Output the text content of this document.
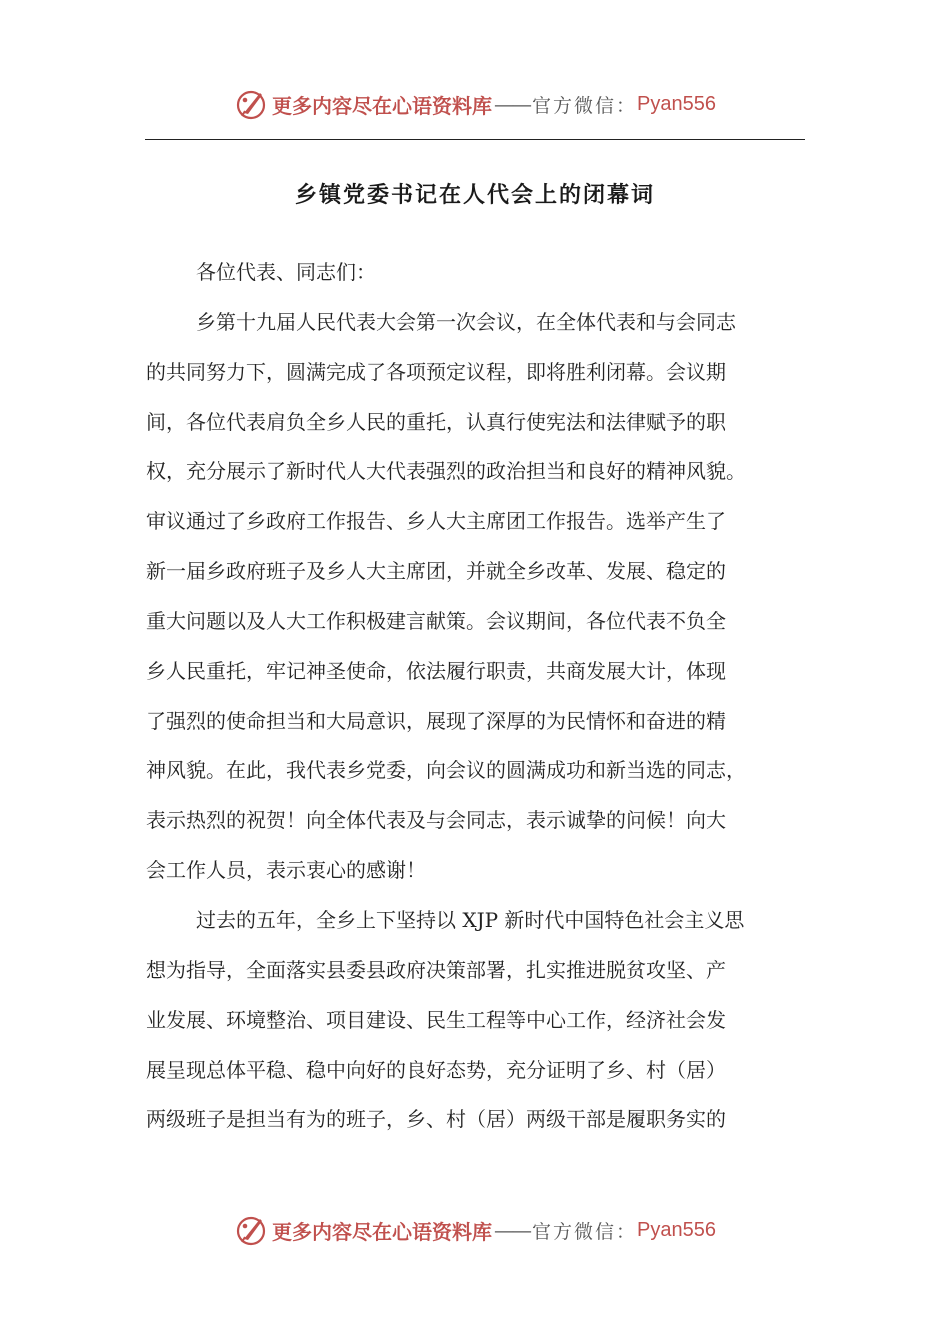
更多内容尽在心语资料库 —— 官方微信： Pyan556
乡镇党委书记在人代会上的闭幕词
各位代表、同志们：
乡第十九届人民代表大会第一次会议，在全体代表和与会同志
的共同努力下，圆满完成了各项预定议程，即将胜利闭幕。会议期
间，各位代表肩负全乡人民的重托，认真行使宪法和法律赋予的职
权，充分展示了新时代人大代表强烈的政治担当和良好的精神风貌。
审议通过了乡政府工作报告、乡人大主席团工作报告。选举产生了
新一届乡政府班子及乡人大主席团，并就全乡改革、发展、稳定的
重大问题以及人大工作积极建言献策。会议期间，各位代表不负全
乡人民重托，牢记神圣使命，依法履行职责，共商发展大计，体现
了强烈的使命担当和大局意识，展现了深厚的为民情怀和奋进的精
神风貌。在此，我代表乡党委，向会议的圆满成功和新当选的同志，
表示热烈的祝贺！向全体代表及与会同志，表示诚挚的问候！向大
会工作人员，表示衷心的感谢！
过去的五年，全乡上下坚持以 XJP 新时代中国特色社会主义思
想为指导，全面落实县委县政府决策部署，扎实推进脱贫攻坚、产
业发展、环境整治、项目建设、民生工程等中心工作，经济社会发
展呈现总体平稳、稳中向好的良好态势，充分证明了乡、村（居）
两级班子是担当有为的班子，乡、村（居）两级干部是履职务实的
更多内容尽在心语资料库 —— 官方微信： Pyan556
